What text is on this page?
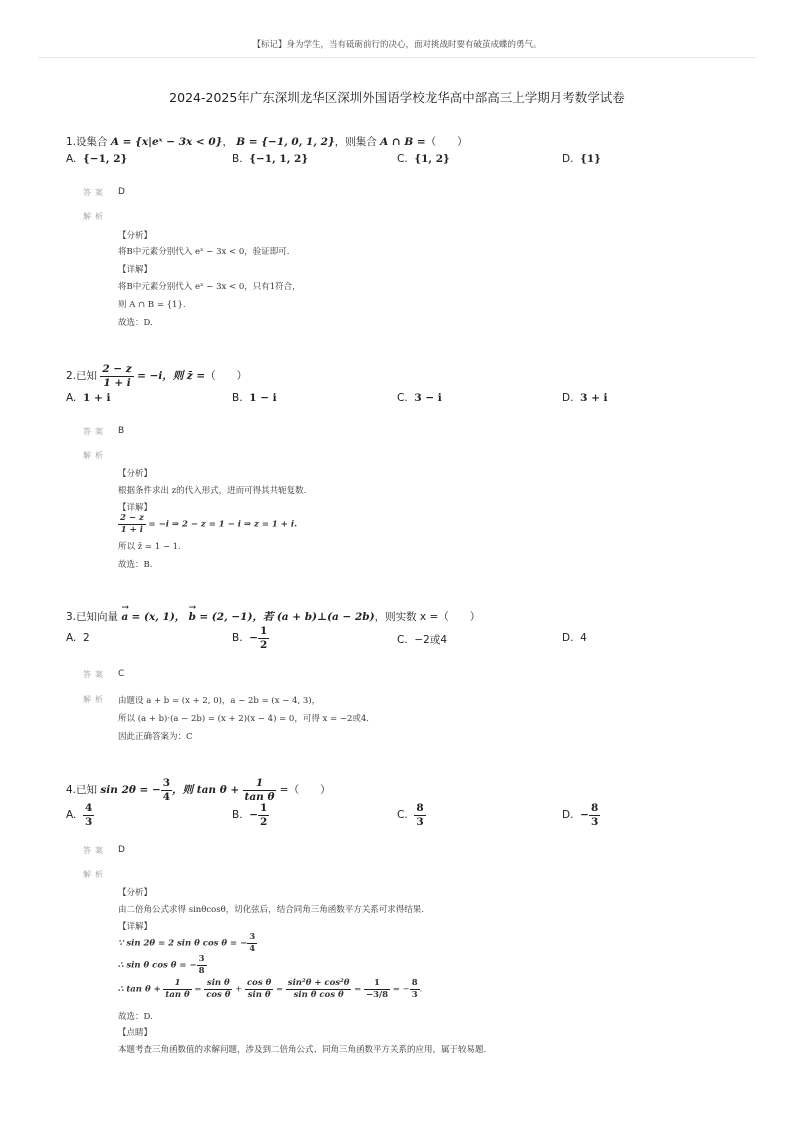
【标记】身为学生，当有砥砺前行的决心，面对挑战时要有破茧成蝶的勇气。
2024-2025年广东深圳龙华区深圳外国语学校龙华高中部高三上学期月考数学试卷
1.设集合 A = {x|eˣ − 3x < 0}， B = {−1, 0, 1, 2}，则集合 A ∩ B =（　　）
A. {−1, 2}	B. {−1, 1, 2}	C. {1, 2}	D. {1}
答案 D
解析
【分析】
将B中元素分别代入 eˣ − 3x < 0，验证即可.
【详解】
将B中元素分别代入 eˣ − 3x < 0，只有1符合，
则 A ∩ B = {1}.
故选：D.
2.已知 $\frac{2 - z}{1 + i} = -i$，则 z̄ =（　　）
A. 1 + i	B. 1 − i	C. 3 − i	D. 3 + i
答案 B
解析
【分析】
根据条件求出 z的代入形式，进而可得其共轭复数.
【详解】
$\frac{2 - z}{1 + i} = -i$ ⇒ 2 − z = 1 − i ⇒ z = 1 + i.
所以 z̄ = 1 − 1.
故选：B.
3.已知向量 → a = (x, 1)， → b = (2, −1)，若 (a + b)⊥(a − 2b)，则实数 x =（　　）
A. 2	B. − $\frac{1}{2}$	C. −2或4	D. 4
答案 C
解析 由题设 a + b = (x + 2, 0)，a − 2b = (x − 4, 3)，
所以 (a + b)·(a − 2b) = (x + 2)(x − 4) = 0，可得 x = −2或4.
因此正确答案为：C
4.已知 sin 2θ = − $\frac{3}{4}$ ，则 $\tan \theta + \frac{1}{\text{tan θ}}$ =（　　）
A. $\frac{4}{3}$	B. − $\frac{1}{2}$	C. $\frac{8}{3}$	D. − $\frac{8}{3}$
答案 D
解析
【分析】
由二倍角公式求得 sinθcosθ，切化弦后，结合同角三角函数平方关系可求得结果.
【详解】
∵ sin 2θ = 2 sin θ cos θ = − $\frac{3}{4}$
∴ sin θ cos θ = − $\frac{3}{8}$
∴ $\tan \theta + \frac{1}{\text{tan θ}} = \frac{\text{sin θ}}{\text{cos θ}} + \frac{\text{cos θ}}{\text{sin θ}} = \frac{\text{sin²θ + cos²θ}}{\text{sin θ cos θ}} = \frac{1}{-3/8}$ = − $\frac{8}{3}$ .
故选：D.
【点睛】
本题考查三角函数值的求解问题，涉及到二倍角公式、同角三角函数平方关系的应用，属于较易题.
